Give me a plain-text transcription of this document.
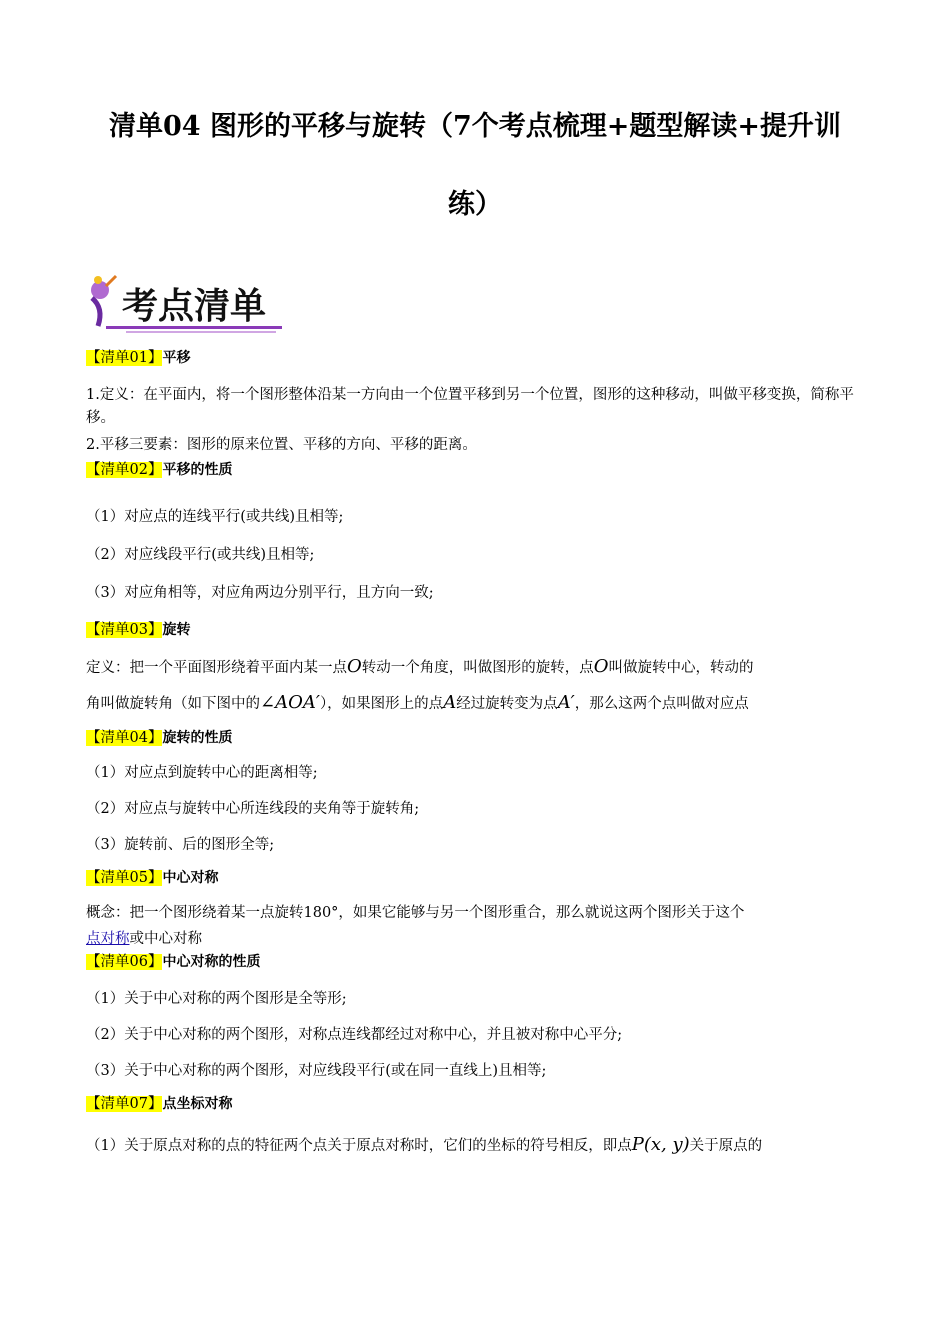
清单04 图形的平移与旋转（7个考点梳理+题型解读+提升训
练）
考点清单
【清单01】平移
1.定义：在平面内，将一个图形整体沿某一方向由一个位置平移到另一个位置，图形的这种移动，叫做平移变换，简称平移。
2.平移三要素：图形的原来位置、平移的方向、平移的距离。
【清单02】平移的性质
（1）对应点的连线平行(或共线)且相等;
（2）对应线段平行(或共线)且相等;
（3）对应角相等，对应角两边分别平行，且方向一致;
【清单03】旋转
定义：把一个平面图形绕着平面内某一点O转动一个角度，叫做图形的旋转，点O叫做旋转中心，转动的
角叫做旋转角（如下图中的∠AOA′），如果图形上的点A经过旋转变为点A′，那么这两个点叫做对应点
【清单04】旋转的性质
（1）对应点到旋转中心的距离相等;
（2）对应点与旋转中心所连线段的夹角等于旋转角;
（3）旋转前、后的图形全等;
【清单05】中心对称
概念：把一个图形绕着某一点旋转180°，如果它能够与另一个图形重合，那么就说这两个图形关于这个
点对称或中心对称
【清单06】中心对称的性质
（1）关于中心对称的两个图形是全等形;
（2）关于中心对称的两个图形，对称点连线都经过对称中心，并且被对称中心平分;
（3）关于中心对称的两个图形，对应线段平行(或在同一直线上)且相等;
【清单07】点坐标对称
（1）关于原点对称的点的特征两个点关于原点对称时，它们的坐标的符号相反，即点P(x, y)关于原点的
